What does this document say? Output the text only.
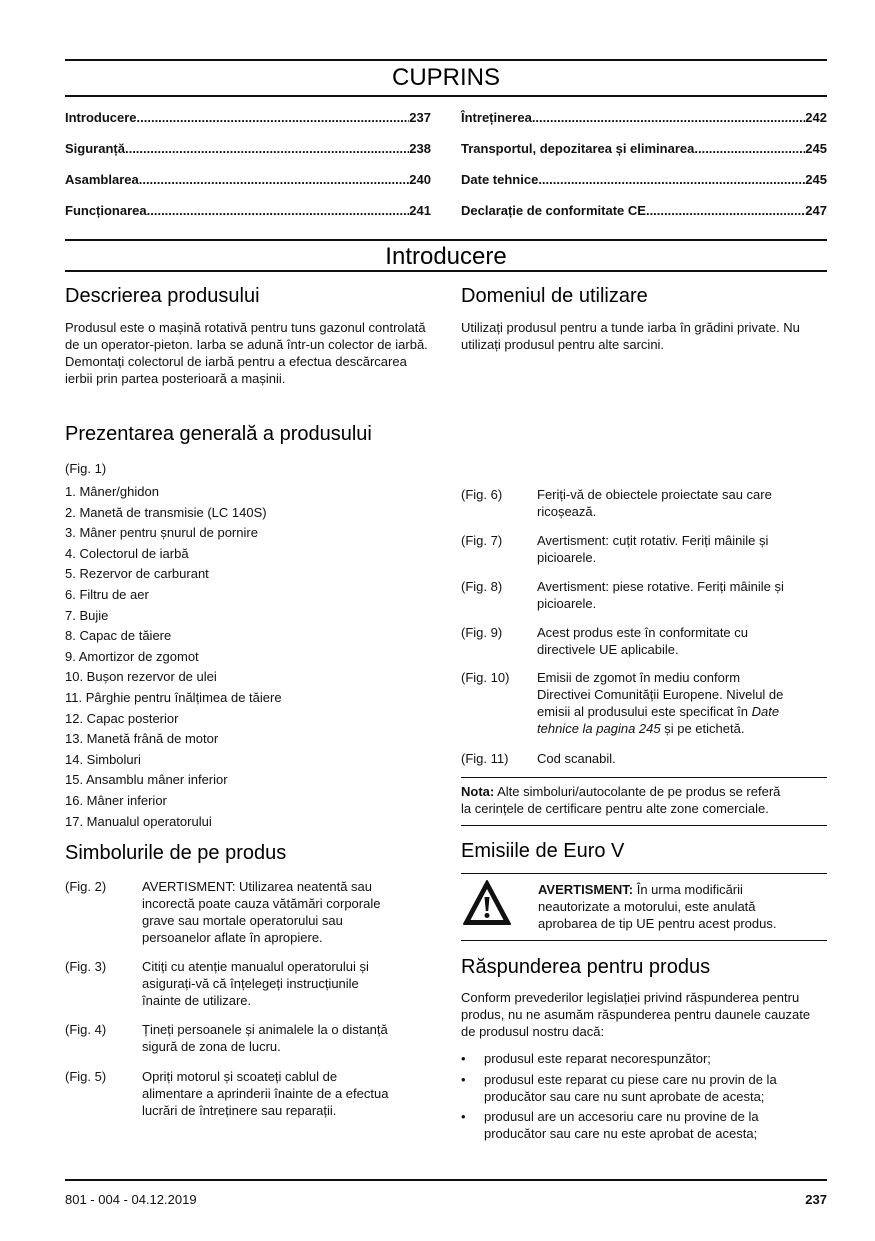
CUPRINS
Introducere .....	237
Siguranță .....	238
Asamblarea .....	240
Funcționarea .....	241
Întreținerea .....	242
Transportul, depozitarea și eliminarea .....	245
Date tehnice .....	245
Declarație de conformitate CE .....	247
Introducere
Descrierea produsului
Produsul este o mașină rotativă pentru tuns gazonul controlată de un operator-pieton. Iarba se adună într-un colector de iarbă. Demontați colectorul de iarbă pentru a efectua descărcarea ierbii prin partea posterioară a mașinii.
Prezentarea generală a produsului
(Fig. 1)
1. Mâner/ghidon
2. Manetă de transmisie (LC 140S)
3. Mâner pentru șnurul de pornire
4. Colectorul de iarbă
5. Rezervor de carburant
6. Filtru de aer
7. Bujie
8. Capac de tăiere
9. Amortizor de zgomot
10. Bușon rezervor de ulei
11. Pârghie pentru înălțimea de tăiere
12. Capac posterior
13. Manetă frână de motor
14. Simboluri
15. Ansamblu mâner inferior
16. Mâner inferior
17. Manualul operatorului
Simbolurile de pe produs
(Fig. 2)	AVERTISMENT: Utilizarea neatentă sau
incorectă poate cauza vătămări corporale
grave sau mortale operatorului sau
persoanelor aflate în apropiere.
(Fig. 3)	Citiți cu atenție manualul operatorului și
asigurați-vă că înțelegeți instrucțiunile
înainte de utilizare.
(Fig. 4)	Țineți persoanele și animalele la o distanță
sigură de zona de lucru.
(Fig. 5)	Opriți motorul și scoateți cablul de
alimentare a aprinderii înainte de a efectua
lucrări de întreținere sau reparații.
Domeniul de utilizare
Utilizați produsul pentru a tunde iarba în grădini private. Nu utilizați produsul pentru alte sarcini.
(Fig. 6)	Feriți-vă de obiectele proiectate sau care
ricoșează.
(Fig. 7)	Avertisment: cuțit rotativ. Feriți mâinile și
picioarele.
(Fig. 8)	Avertisment: piese rotative. Feriți mâinile și
picioarele.
(Fig. 9)	Acest produs este în conformitate cu
directivele UE aplicabile.
(Fig. 10) Emisii de zgomot în mediu conform
Directivei Comunității Europene. Nivelul de
emisii al produsului este specificat în Date
tehnice la pagina 245 și pe etichetă.
(Fig. 11) Cod scanabil.
Nota: Alte simboluri/autocolante de pe produs se referă
la cerințele de certificare pentru alte zone comerciale.
Emisiile de Euro V
AVERTISMENT: În urma modificării
neautorizate a motorului, este anulată
aprobarea de tip UE pentru acest produs.
Răspunderea pentru produs
Conform prevederilor legislației privind răspunderea pentru produs, nu ne asumăm răspunderea pentru daunele cauzate de produsul nostru dacă:
• produsul este reparat necorespunzător;
• produsul este reparat cu piese care nu provin de la
producător sau care nu sunt aprobate de acesta;
• produsul are un accesoriu care nu provine de la
producător sau care nu este aprobat de acesta;
801 - 004 - 04.12.2019	237
